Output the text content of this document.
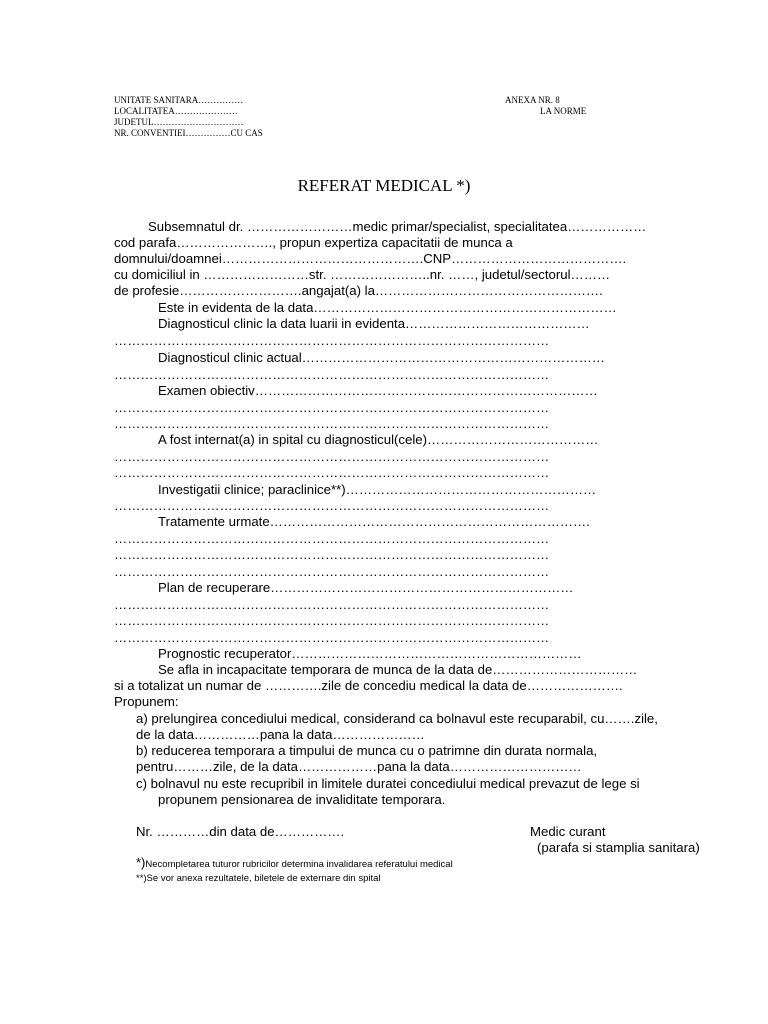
UNITATE SANITARA……………
LOCALITATEA…………………
JUDETUL…………………………
NR. CONVENTIEI……………CU CAS
ANEXA NR. 8
LA NORME
REFERAT MEDICAL *)
Subsemnatul dr. ……………………medic primar/specialist, specialitatea………………
cod parafa…………………., propun expertiza capacitatii de munca a
domnului/doamnei……………………………………….CNP………………………………….
cu domiciliul in ……………………str. …………………..nr. ……, judetul/sectorul………
de profesie……………………….angajat(a) la…………………………………………….
Este in evidenta de la data……………………………………………………………
Diagnosticul clinic la data luarii in evidenta……………………………………
………………………………………………………………………………………
Diagnosticul clinic actual……………………………………………………………
………………………………………………………………………………………
Examen obiectiv……………………………………………………………………
………………………………………………………………………………………
………………………………………………………………………………………
A fost internat(a) in spital cu diagnosticul(cele)…………………………………
………………………………………………………………………………………
………………………………………………………………………………………
Investigatii clinice; paraclinice**)…………………………………………………
………………………………………………………………………………………
Tratamente urmate……………………………………………………………….
………………………………………………………………………………………
………………………………………………………………………………………
………………………………………………………………………………………
Plan de recuperare……………………………………………………………
………………………………………………………………………………………
………………………………………………………………………………………
………………………………………………………………………………………
Prognostic recuperator…………………………………………………………
Se afla in incapacitate temporara de munca de la data de……………………………
si a totalizat un numar de ………….zile de concediu medical la data de………………….
Propunem:
a) prelungirea concediului medical, considerand ca bolnavul este recuparabil, cu…….zile,
de la data……………pana la data…………………
b) reducerea temporara a timpului de munca cu o patrimne din durata normala,
pentru………zile, de la data………………pana la data…………………………
c) bolnavul nu este recupribil in limitele duratei concediului medical prevazut de lege si
propunem pensionarea de invaliditate temporara.
Nr. …………din data de…………….	Medic curant
(parafa si stamplia sanitara)
*)Necompletarea tuturor rubricilor determina invalidarea referatului medical
**)Se vor anexa rezultatele, biletele de externare din spital
